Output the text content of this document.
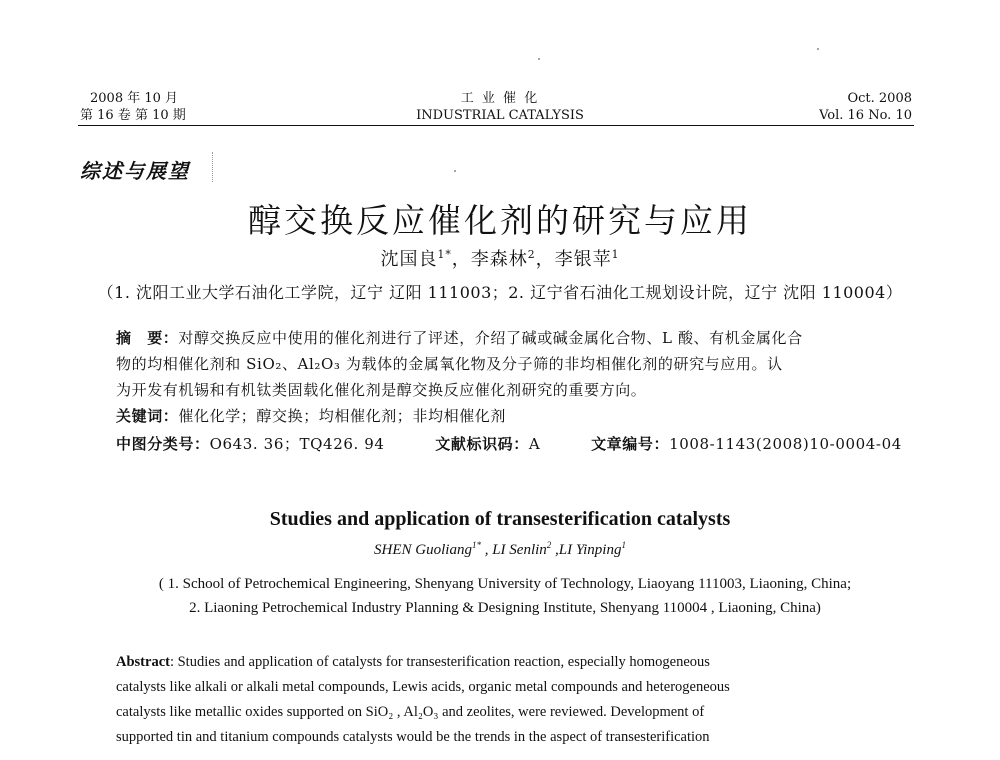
2008 年 10 月
第 16 卷 第 10 期
工 业 催 化
INDUSTRIAL CATALYSIS
Oct. 2008
Vol. 16 No. 10
综述与展望
醇交换反应催化剂的研究与应用
沈国良$^{1*}$，李森林$^2$，李银苹$^1$
（1. 沈阳工业大学石油化工学院，辽宁 辽阳 111003；2. 辽宁省石油化工规划设计院，辽宁 沈阳 110004）
摘　要：对醇交换反应中使用的催化剂进行了评述，介绍了碱或碱金属化合物、L 酸、有机金属化合
物的均相催化剂和 SiO₂、Al₂O₃ 为载体的金属氧化物及分子筛的非均相催化剂的研究与应用。认
为开发有机锡和有机钛类固载化催化剂是醇交换反应催化剂研究的重要方向。
关键词：催化化学；醇交换；均相催化剂；非均相催化剂
中图分类号：O643. 36；TQ426. 94	文献标识码：A	文章编号：1008-1143(2008)10-0004-04
Studies and application of transesterification catalysts
SHEN Guoliang$^{1*}$ , LI Senlin$^2$ ,LI Yinping$^1$
( 1. School of Petrochemical Engineering, Shenyang University of Technology, Liaoyang 111003, Liaoning, China;
2. Liaoning Petrochemical Industry Planning & Designing Institute, Shenyang 110004 , Liaoning, China)
Abstract: Studies and application of catalysts for transesterification reaction, especially homogeneous
catalysts like alkali or alkali metal compounds, Lewis acids, organic metal compounds and heterogeneous
catalysts like metallic oxides supported on SiO₂ , Al₂O₃ and zeolites, were reviewed. Development of
supported tin and titanium compounds catalysts would be the trends in the aspect of transesterification
